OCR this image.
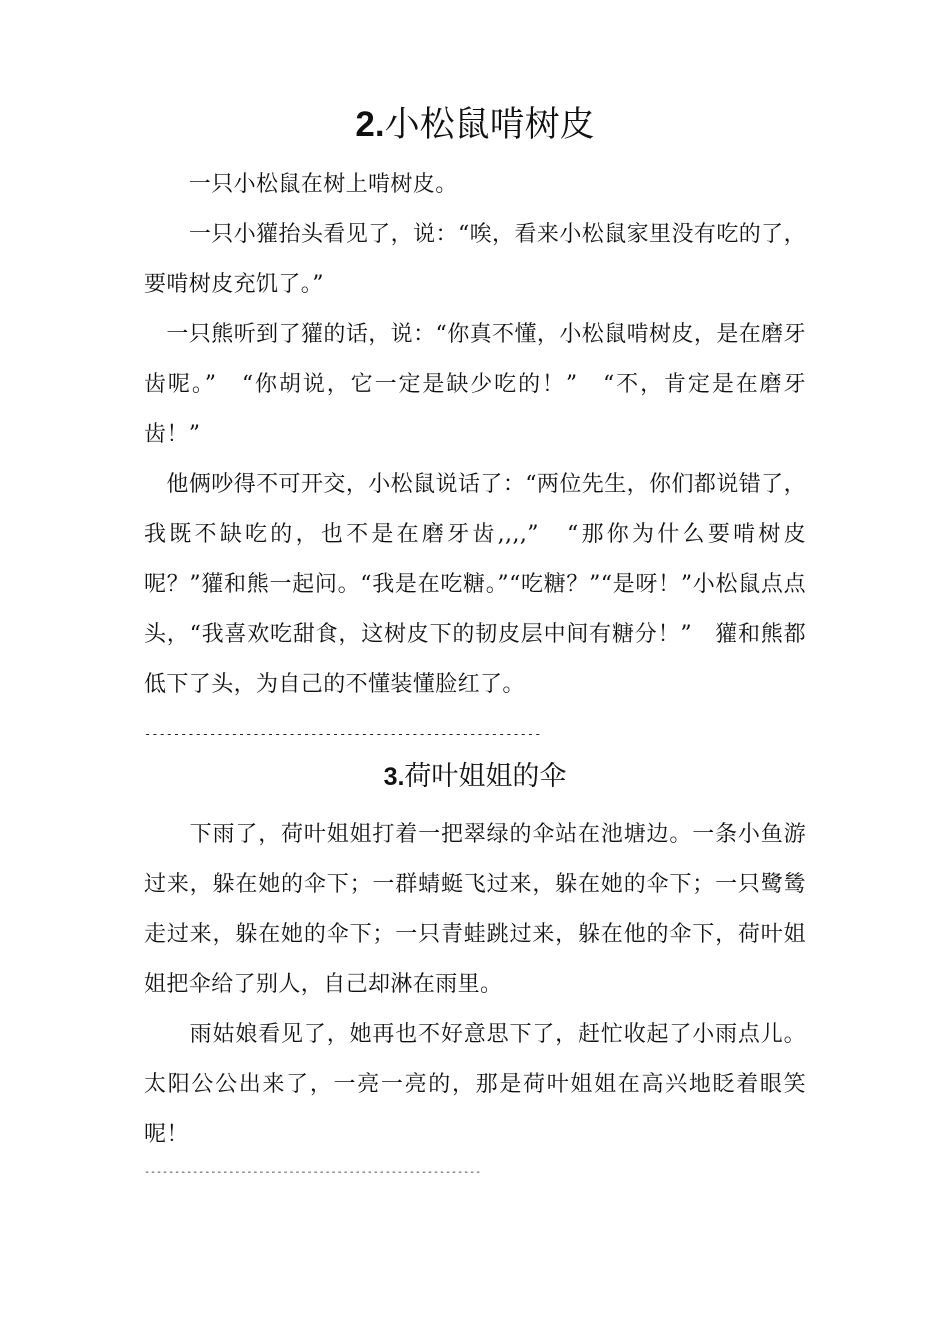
2.小松鼠啃树皮

　　一只小松鼠在树上啃树皮。

　　一只小獾抬头看见了，说：“唉，看来小松鼠家里没有吃的了，要啃树皮充饥了。”

　一只熊听到了獾的话，说：“你真不懂，小松鼠啃树皮，是在磨牙齿呢。”　“你胡说，它一定是缺少吃的！”　“不，肯定是在磨牙齿！”

　他俩吵得不可开交，小松鼠说话了：“两位先生，你们都说错了，我既不缺吃的，也不是在磨牙齿,,,,”　“那你为什么要啃树皮呢？”獾和熊一起问。“我是在吃糖。”“吃糖？”“是呀！”小松鼠点点头，“我喜欢吃甜食，这树皮下的韧皮层中间有糖分！”　獾和熊都低下了头，为自己的不懂装懂脸红了。

-------------------------------------------------------
3.荷叶姐姐的伞

　　下雨了，荷叶姐姐打着一把翠绿的伞站在池塘边。一条小鱼游过来，躲在她的伞下；一群蜻蜓飞过来，躲在她的伞下；一只鹭鸶走过来，躲在她的伞下；一只青蛙跳过来，躲在他的伞下，荷叶姐姐把伞给了别人，自己却淋在雨里。

　　雨姑娘看见了，她再也不好意思下了，赶忙收起了小雨点儿。太阳公公出来了，一亮一亮的，那是荷叶姐姐在高兴地眨着眼笑呢！

--------------------------------------------------------
